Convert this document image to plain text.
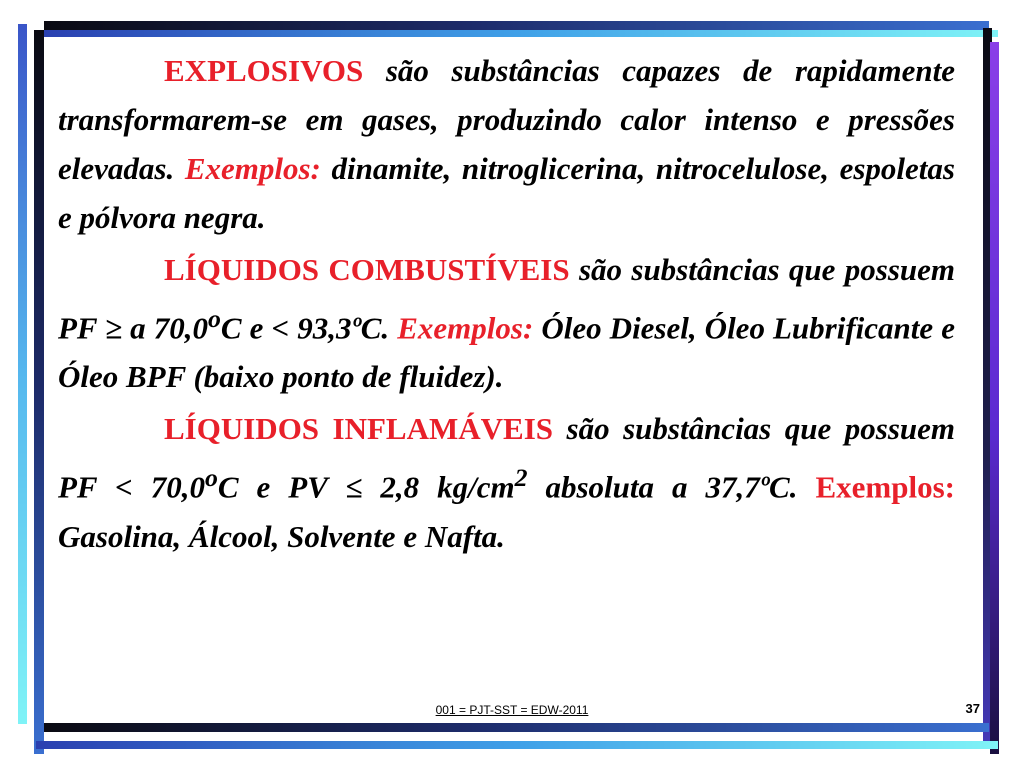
EXPLOSIVOS são substâncias capazes de rapidamente transformarem-se em gases, produzindo calor intenso e pressões elevadas. Exemplos: dinamite, nitroglicerina, nitrocelulose, espoletas e pólvora negra.

LÍQUIDOS COMBUSTÍVEIS são substâncias que possuem PF ≥ a 70,0$^o$C e < 93,3ºC. Exemplos: Óleo Diesel, Óleo Lubrificante e Óleo BPF (baixo ponto de fluidez).

LÍQUIDOS INFLAMÁVEIS são substâncias que possuem PF < $70,0^oC$ e PV ≤ 2,8 $kg/cm^2$ absoluta a 37,7ºC. Exemplos: Gasolina, Álcool, Solvente e Nafta.

001 = PJT-SST = EDW-2011	37
